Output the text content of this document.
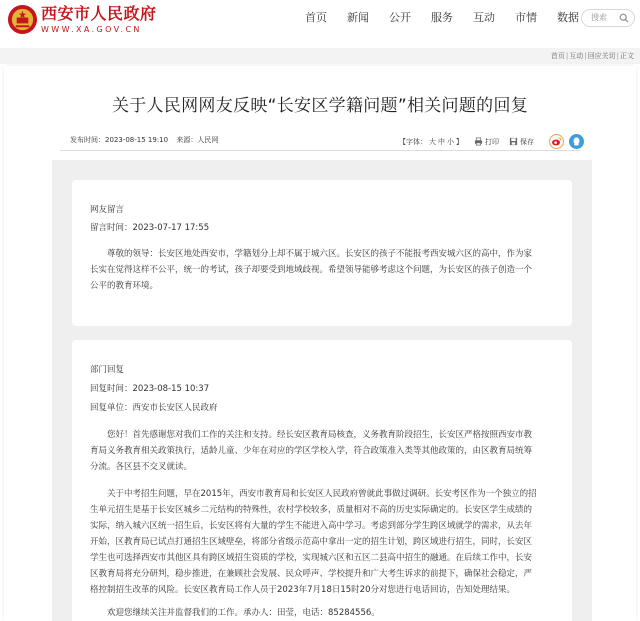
西安市人民政府
WWW.XA.GOV.CN
首页 新闻 公开 服务 互动 市情 数据	搜索
首页|互动|回应关切|正文
关于人民网网友反映“长安区学籍问题”相关问题的回复
发布时间：2023-08-15 19:10 来源：人民网	【字体： 大 中 小 】	打印	保存
网友留言
留言时间：2023-07-17 17:55
尊敬的领导：长安区地处西安市，学籍划分上却不属于城六区。长安区的孩子不能报考西安城六区的高中，作为家
长实在觉得这样不公平，统一的考试，孩子却要受到地域歧视。希望领导能够考虑这个问题，为长安区的孩子创造一个
公平的教育环境。
部门回复
回复时间：2023-08-15 10:37
回复单位：西安市长安区人民政府
您好！首先感谢您对我们工作的关注和支持。经长安区教育局核查，义务教育阶段招生，长安区严格按照西安市教
育局义务教育相关政策执行，适龄儿童、少年在对应的学区学校入学，符合政策准入类等其他政策的，由区教育局统筹
分流。各区县不交叉就读。
关于中考招生问题，早在2015年，西安市教育局和长安区人民政府曾就此事做过调研。长安考区作为一个独立的招
生单元招生是基于长安区城乡二元结构的特殊性，农村学校较多，质量相对不高的历史实际确定的。长安区学生成绩的
实际，纳入城六区统一招生后，长安区将有大量的学生不能进入高中学习。考虑到部分学生跨区域就学的需求，从去年
开始，区教育局已试点打通招生区域壁垒，将部分省级示范高中拿出一定的招生计划，跨区域进行招生，同时，长安区
学生也可选择西安市其他区具有跨区域招生资质的学校，实现城六区和五区二县高中招生的融通。在后续工作中，长安
区教育局将充分研判，稳步推进，在兼顾社会发展、民众呼声、学校提升和广大考生诉求的前提下，确保社会稳定，严
格控制招生改革的风险。长安区教育局工作人员于2023年7月18日15时20分对您进行电话回访，告知处理结果。
欢迎您继续关注并监督我们的工作。承办人：田莹，电话：85284556。
